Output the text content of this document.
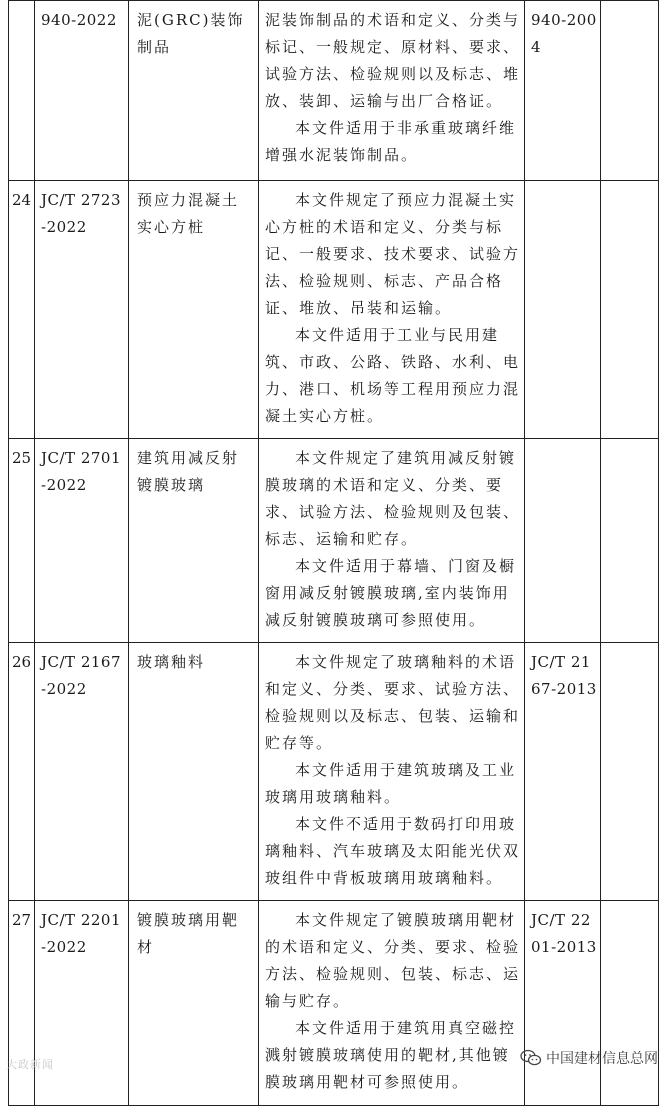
	940-2022	泥(GRC)装饰制品	泥装饰制品的术语和定义、分类与标记、一般规定、原材料、要求、试验方法、检验规则以及标志、堆放、装卸、运输与出厂合格证。
本文件适用于非承重玻璃纤维增强水泥装饰制品。	940-2004	

24	JC/T 2723-2022	预应力混凝土实心方桩	本文件规定了预应力混凝土实心方桩的术语和定义、分类与标记、一般要求、技术要求、试验方法、检验规则、标志、产品合格证、堆放、吊装和运输。
本文件适用于工业与民用建筑、市政、公路、铁路、水利、电力、港口、机场等工程用预应力混凝土实心方桩。		

25	JC/T 2701-2022	建筑用减反射镀膜玻璃	本文件规定了建筑用减反射镀膜玻璃的术语和定义、分类、要求、试验方法、检验规则及包装、标志、运输和贮存。
本文件适用于幕墙、门窗及橱窗用减反射镀膜玻璃,室内装饰用减反射镀膜玻璃可参照使用。		

26	JC/T 2167-2022	玻璃釉料	本文件规定了玻璃釉料的术语和定义、分类、要求、试验方法、检验规则以及标志、包装、运输和贮存等。
本文件适用于建筑玻璃及工业玻璃用玻璃釉料。
本文件不适用于数码打印用玻璃釉料、汽车玻璃及太阳能光伏双玻组件中背板玻璃用玻璃釉料。	JC/T 2167-2013	

27	JC/T 2201-2022	镀膜玻璃用靶材	本文件规定了镀膜玻璃用靶材的术语和定义、分类、要求、检验方法、检验规则、包装、标志、运输与贮存。
本文件适用于建筑用真空磁控溅射镀膜玻璃使用的靶材,其他镀膜玻璃用靶材可参照使用。	JC/T 2201-2013	

大政新闻	中国建材信息总网
